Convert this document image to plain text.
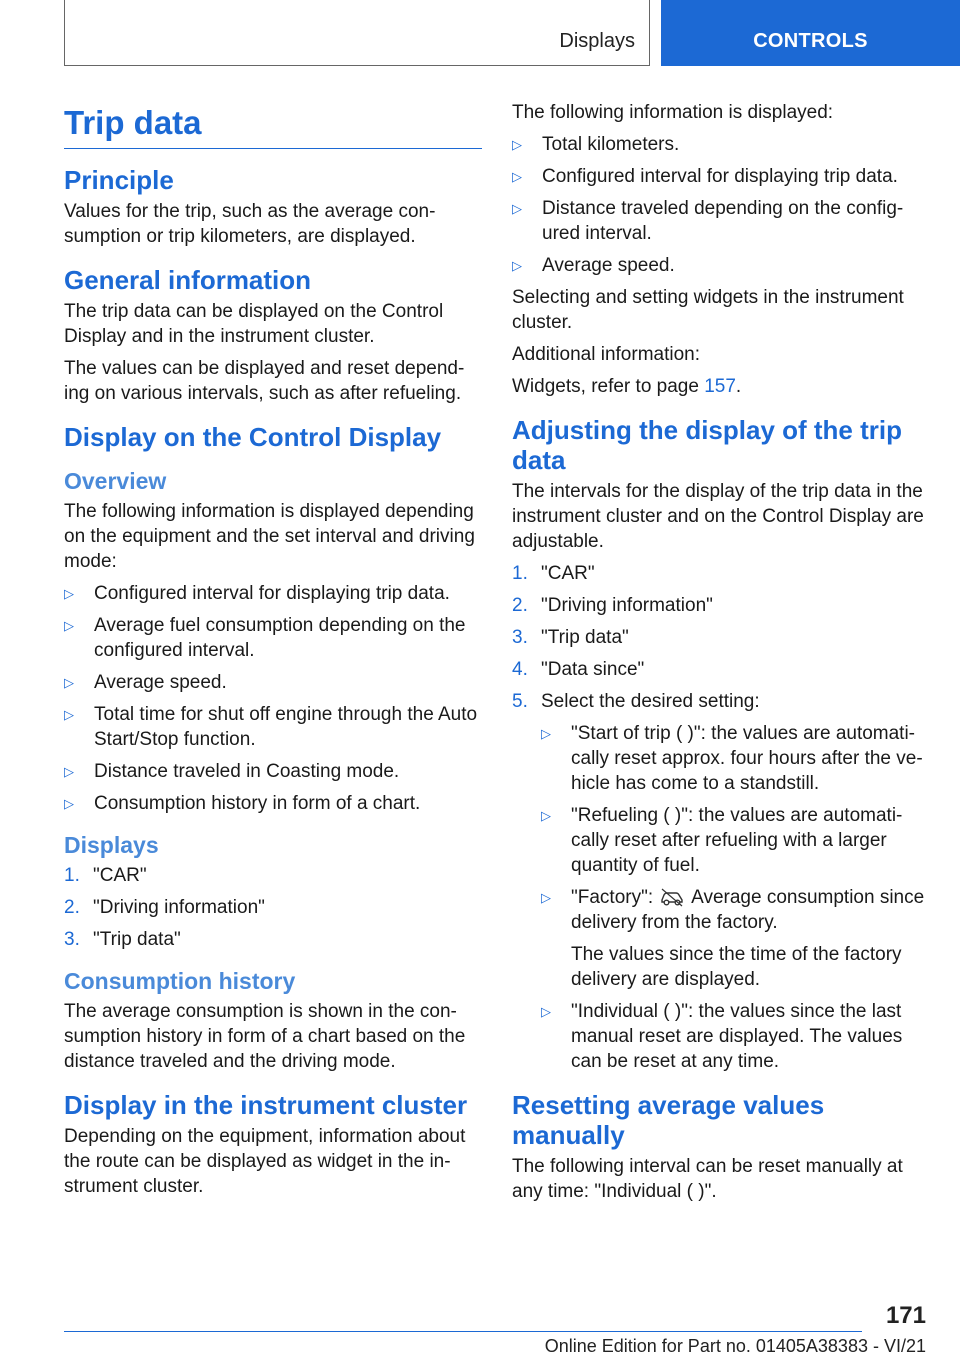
Displays	CONTROLS
Trip data
Principle

Values for the trip, such as the average con-sumption or trip kilometers, are displayed.

General information

The trip data can be displayed on the Control Display and in the instrument cluster.

The values can be displayed and reset depend-ing on various intervals, such as after refueling.

Display on the Control Display
Overview

The following information is displayed depending on the equipment and the set interval and driving mode:

▷	Configured interval for displaying trip data.
▷	Average fuel consumption depending on the configured interval.
▷	Average speed.
▷	Total time for shut off engine through the Auto Start/Stop function.
▷	Distance traveled in Coasting mode.
▷	Consumption history in form of a chart.
Displays
1. "CAR"
2. "Driving information"
3. "Trip data"
Consumption history

The average consumption is shown in the con-sumption history in form of a chart based on the distance traveled and the driving mode.

Display in the instrument cluster

Depending on the equipment, information about the route can be displayed as widget in the in-strument cluster.

The following information is displayed:

▷	Total kilometers.
▷	Configured interval for displaying trip data.
▷	Distance traveled depending on the config-ured interval.
▷	Average speed.

Selecting and setting widgets in the instrument cluster.

Additional information:

Widgets, refer to page 157.

Adjusting the display of the trip data

The intervals for the display of the trip data in the instrument cluster and on the Control Display are adjustable.

1. "CAR"
2. "Driving information"
3. "Trip data"
4. "Data since"
5. Select the desired setting:
▷	"Start of trip ( )": the values are automati-cally reset approx. four hours after the ve-hicle has come to a standstill.
▷	"Refueling ( )": the values are automati-cally reset after refueling with a larger quantity of fuel.
▷	"Factory": Average consumption since delivery from the factory.

The values since the time of the factory delivery are displayed.

▷	"Individual ( )": the values since the last manual reset are displayed. The values can be reset at any time.
Resetting average values manually

The following interval can be reset manually at any time: "Individual ( )".

171
Online Edition for Part no. 01405A38383 - VI/21
